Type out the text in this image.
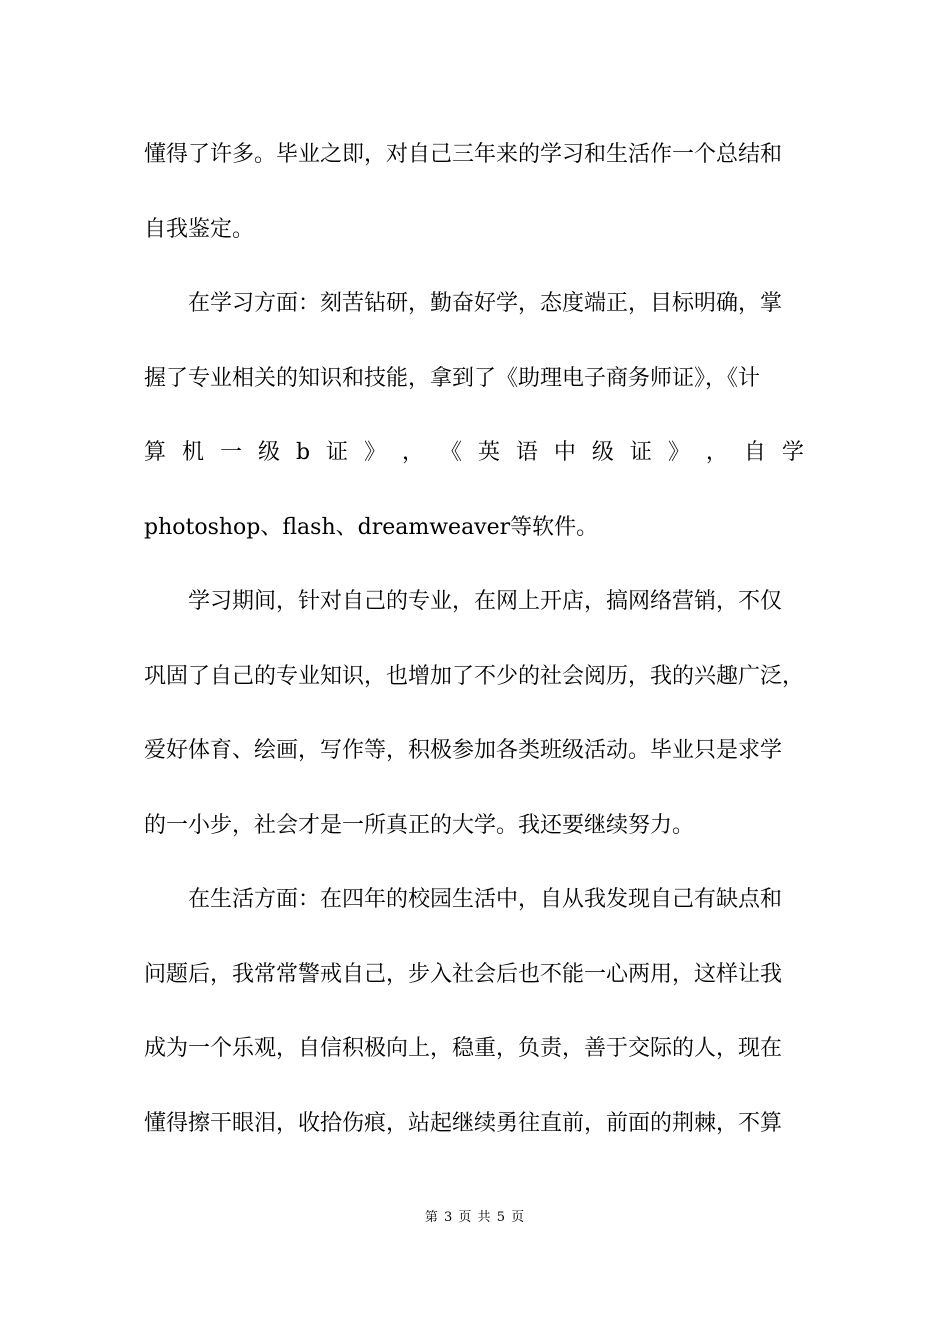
懂得了许多。毕业之即，对自己三年来的学习和生活作一个总结和
自我鉴定。
在学习方面：刻苦钻研，勤奋好学，态度端正，目标明确，掌
握了专业相关的知识和技能，拿到了《助理电子商务师证》，《计
算 机 一 级 b 证 》 ， 《 英 语 中 级 证 》 ， 自 学
photoshop、flash、dreamweaver等软件。
学习期间，针对自己的专业，在网上开店，搞网络营销，不仅
巩固了自己的专业知识，也增加了不少的社会阅历，我的兴趣广泛，
爱好体育、绘画，写作等，积极参加各类班级活动。毕业只是求学
的一小步，社会才是一所真正的大学。我还要继续努力。
在生活方面：在四年的校园生活中，自从我发现自己有缺点和
问题后，我常常警戒自己，步入社会后也不能一心两用，这样让我
成为一个乐观，自信积极向上，稳重，负责，善于交际的人，现在
懂得擦干眼泪，收拾伤痕，站起继续勇往直前，前面的荆棘，不算
第 3 页 共 5 页
